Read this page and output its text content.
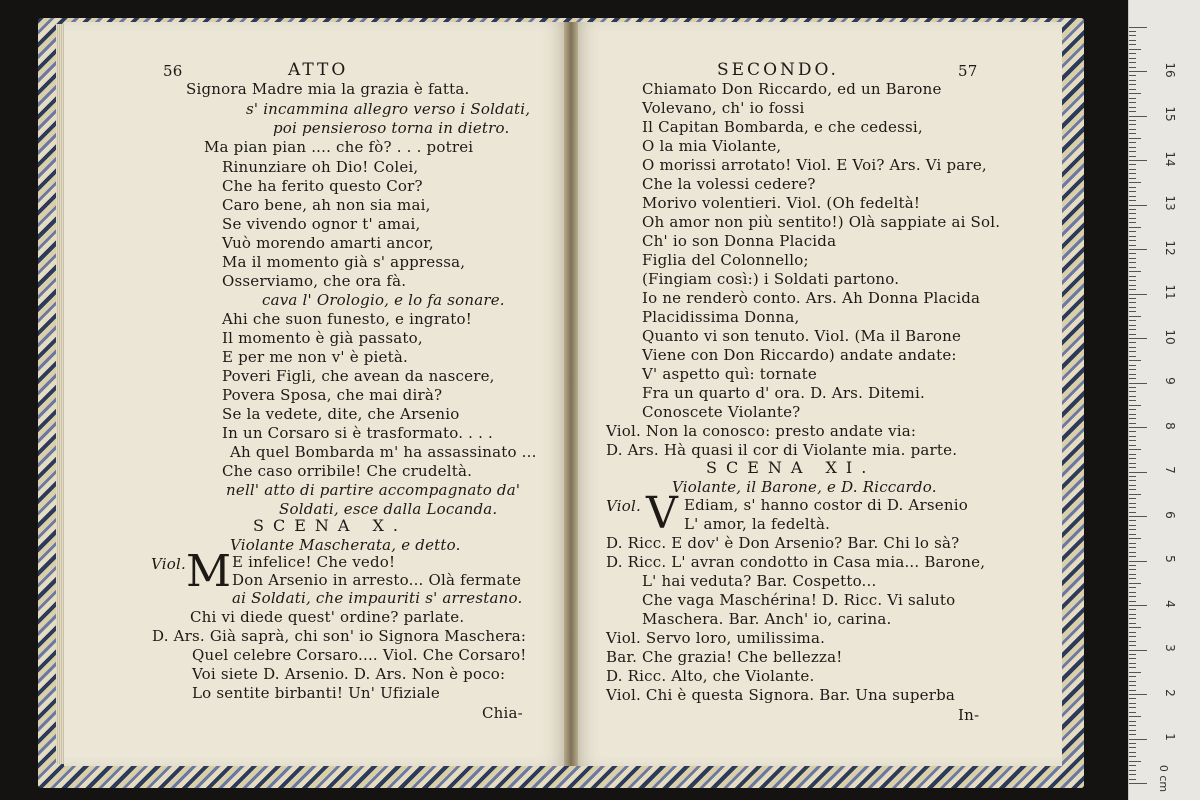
56	ATTO
Signora Madre mia la grazia è fatta.
s' incammina allegro verso i Soldati,
poi pensieroso torna in dietro.
Ma pian pian .... che fò? . . . potrei
Rinunziare oh Dio! Colei,
Che ha ferito questo Cor?
Caro bene, ah non sia mai,
Se vivendo ognor t' amai,
Vuò morendo amarti ancor,
Ma il momento già s' appressa,
Osserviamo, che ora fà.
cava l' Orologio, e lo fa sonare.
Ahi che suon funesto, e ingrato!
Il momento è già passato,
E per me non v' è pietà.
Poveri Figli, che avean da nascere,
Povera Sposa, che mai dirà?
Se la vedete, dite, che Arsenio
In un Corsaro si è trasformato. . . .
Ah quel Bombarda m' ha assassinato ...
Che caso orribile! Che crudeltà.
nell' atto di partire accompagnato da'
Soldati, esce dalla Locanda.
SCENA X.
Violante Mascherata, e detto.
Viol. M E infelice! Che vedo!
Don Arsenio in arresto... Olà fermate
ai Soldati, che impauriti s' arrestano.
Chi vi diede quest' ordine? parlate.
D. Ars. Già saprà, chi son' io Signora Maschera:
Quel celebre Corsaro.... Viol. Che Corsaro!
Voi siete D. Arsenio. D. Ars. Non è poco:
Lo sentite birbanti! Un' Ufiziale
Chia-
SECONDO.	57
Chiamato Don Riccardo, ed un Barone
Volevano, ch' io fossi
Il Capitan Bombarda, e che cedessi,
O la mia Violante,
O morissi arrotato! Viol. E Voi? Ars. Vi pare,
Che la volessi cedere?
Morivo volentieri. Viol. (Oh fedeltà!
Oh amor non più sentito!) Olà sappiate ai Sol.
Ch' io son Donna Placida
Figlia del Colonnello;
(Fingiam così:) i Soldati partono.
Io ne renderò conto. Ars. Ah Donna Placida
Placidissima Donna,
Quanto vi son tenuto. Viol. (Ma il Barone
Viene con Don Riccardo) andate andate:
V' aspetto quì: tornate
Fra un quarto d' ora. D. Ars. Ditemi.
Conoscete Violante?
Viol. Non la conosco: presto andate via:
D. Ars. Hà quasi il cor di Violante mia. parte.
SCENA XI.
Violante, il Barone, e D. Riccardo.
Viol. V Ediam, s' hanno costor di D. Arsenio
L' amor, la fedeltà.
D. Ricc. E dov' è Don Arsenio? Bar. Chi lo sà?
D. Ricc. L' avran condotto in Casa mia... Barone,
L' hai veduta? Bar. Cospetto...
Che vaga Maschérina! D. Ricc. Vi saluto
Maschera. Bar. Anch' io, carina.
Viol. Servo loro, umilissima.
Bar. Che grazia! Che bellezza!
D. Ricc. Alto, che Violante.
Viol. Chi è questa Signora. Bar. Una superba
In-
0 cm
1
2
3
4
5
6
7
8
9
10
11
12
13
14
15
16
